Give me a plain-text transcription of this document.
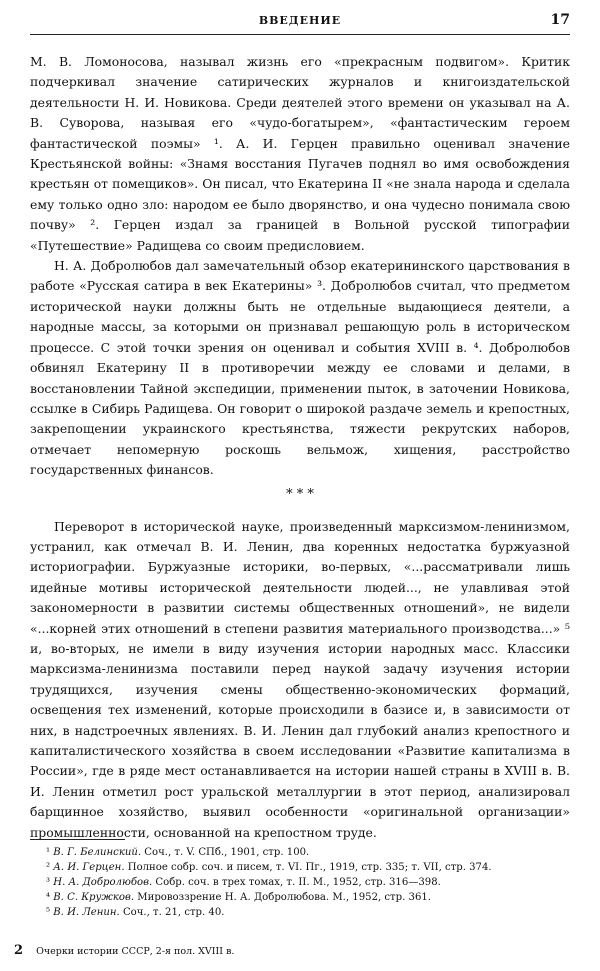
ВВЕДЕНИЕ	17

М. В. Ломоносова, называл жизнь его «прекрасным подвигом». Критик подчеркивал значение сатирических журналов и книгоиздательской деятельности Н. И. Новикова. Среди деятелей этого времени он указывал на А. В. Суворова, называя его «чудо-богатырем», «фантастическим героем фантастической поэмы» ¹. А. И. Герцен правильно оценивал значение Крестьянской войны: «Знамя восстания Пугачев поднял во имя освобождения крестьян от помещиков». Он писал, что Екатерина II «не знала народа и сделала ему только одно зло: народом ее было дворянство, и она чудесно понимала свою почву» ². Герцен издал за границей в Вольной русской типографии «Путешествие» Радищева со своим предисловием.

Н. А. Добролюбов дал замечательный обзор екатерининского царствования в работе «Русская сатира в век Екатерины» ³. Добролюбов считал, что предметом исторической науки должны быть не отдельные выдающиеся деятели, а народные массы, за которыми он признавал решающую роль в историческом процессе. С этой точки зрения он оценивал и события XVIII в. ⁴. Добролюбов обвинял Екатерину II в противоречии между ее словами и делами, в восстановлении Тайной экспедиции, применении пыток, в заточении Новикова, ссылке в Сибирь Радищева. Он говорит о широкой раздаче земель и крепостных, закрепощении украинского крестьянства, тяжести рекрутских наборов, отмечает непомерную роскошь вельмож, хищения, расстройство государственных финансов.

* * *

Переворот в исторической науке, произведенный марксизмом-ленинизмом, устранил, как отмечал В. И. Ленин, два коренных недостатка буржуазной историографии. Буржуазные историки, во-первых, «...рассматривали лишь идейные мотивы исторической деятельности людей..., не улавливая этой закономерности в развитии системы общественных отношений», не видели «...корней этих отношений в степени развития материального производства...» ⁵ и, во-вторых, не имели в виду изучения истории народных масс. Классики марксизма-ленинизма поставили перед наукой задачу изучения истории трудящихся, изучения смены общественно-экономических формаций, освещения тех изменений, которые происходили в базисе и, в зависимости от них, в надстроечных явлениях. В. И. Ленин дал глубокий анализ крепостного и капиталистического хозяйства в своем исследовании «Развитие капитализма в России», где в ряде мест останавливается на истории нашей страны в XVIII в. В. И. Ленин отметил рост уральской металлургии в этот период, анализировал барщинное хозяйство, выявил особенности «оригинальной организации» промышленности, основанной на крепостном труде.

¹ В. Г. Белинский. Соч., т. V. СПб., 1901, стр. 100.

² А. И. Герцен. Полное собр. соч. и писем, т. VI. Пг., 1919, стр. 335; т. VII, стр. 374.

³ Н. А. Добролюбов. Собр. соч. в трех томах, т. II. М., 1952, стр. 316—398.

⁴ В. С. Кружков. Мировоззрение Н. А. Добролюбова. М., 1952, стр. 361.

⁵ В. И. Ленин. Соч., т. 21, стр. 40.

2 Очерки истории СССР, 2-я пол. XVIII в.
